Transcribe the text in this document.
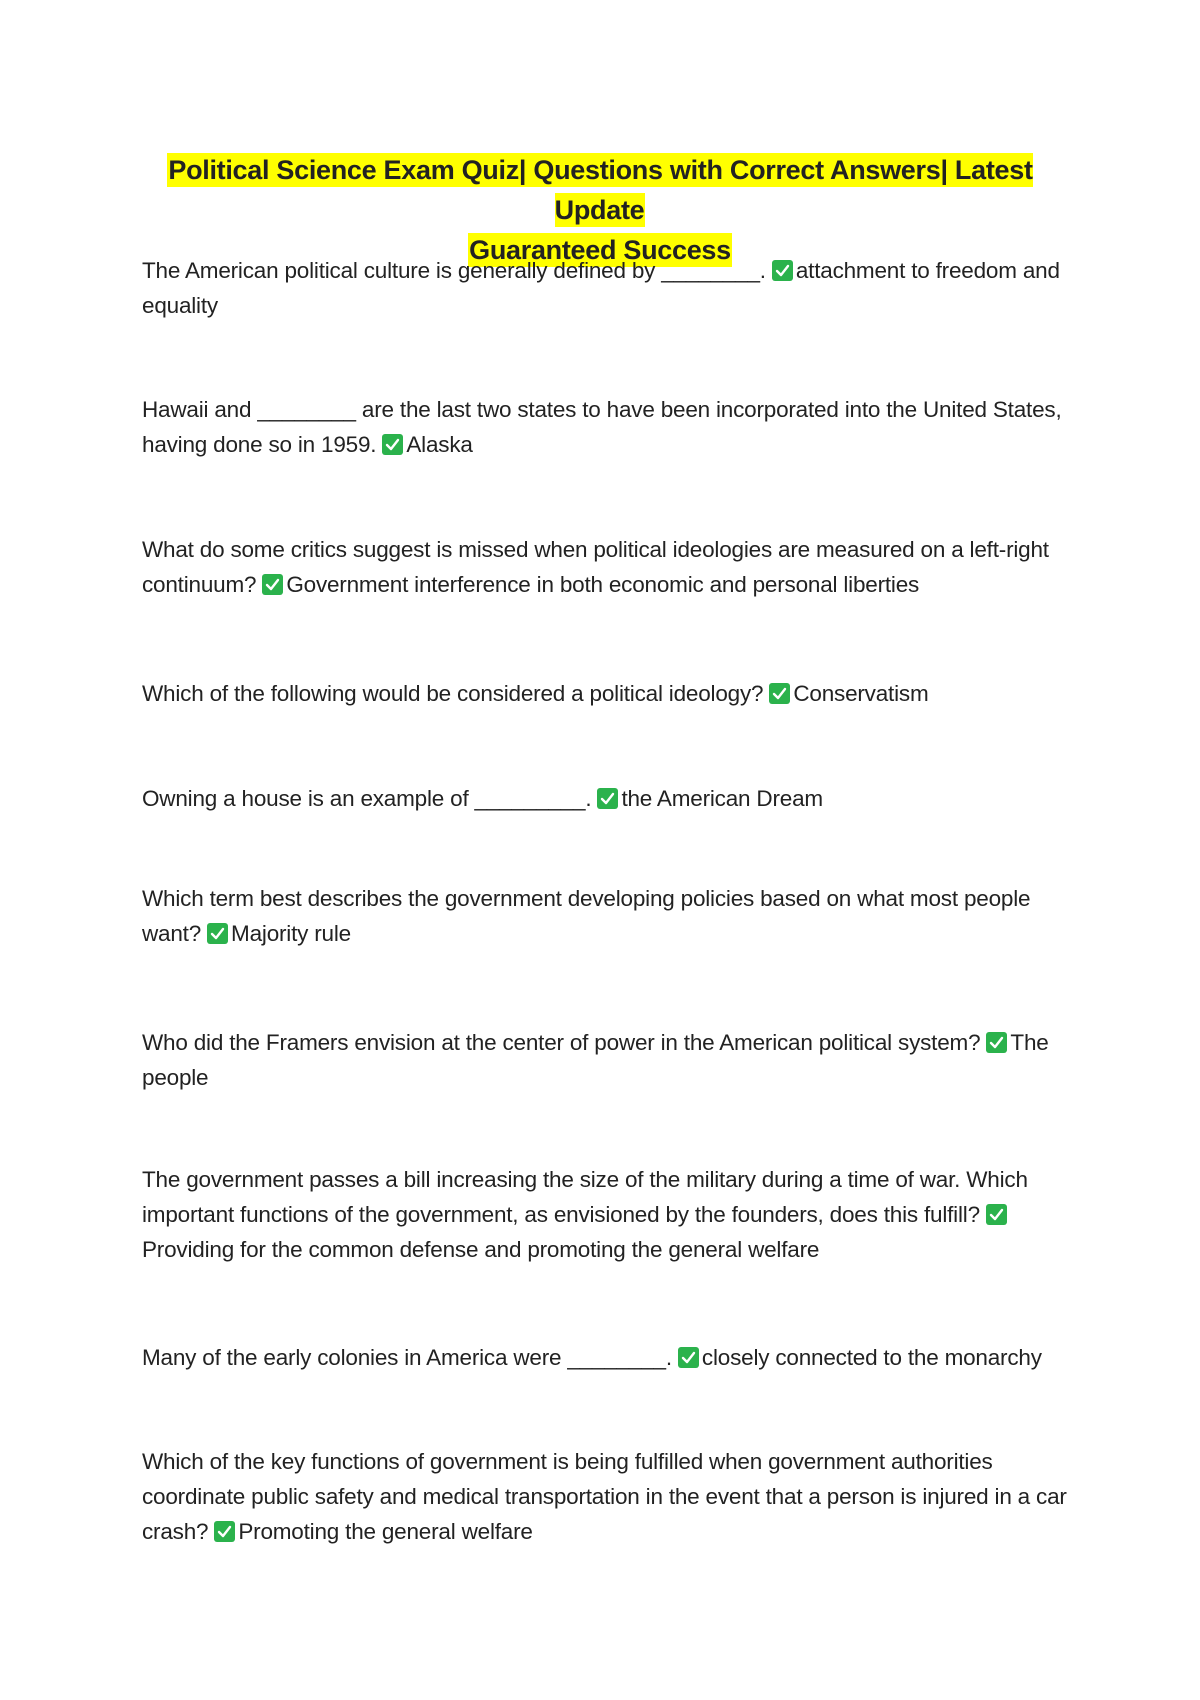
Political Science Exam Quiz| Questions with Correct Answers| Latest Update
Guaranteed Success
The American political culture is generally defined by ________. attachment to freedom and equality
Hawaii and ________ are the last two states to have been incorporated into the United States, having done so in 1959. Alaska
What do some critics suggest is missed when political ideologies are measured on a left-right continuum? Government interference in both economic and personal liberties
Which of the following would be considered a political ideology? Conservatism
Owning a house is an example of _________. the American Dream
Which term best describes the government developing policies based on what most people want? Majority rule
Who did the Framers envision at the center of power in the American political system? The people
The government passes a bill increasing the size of the military during a time of war. Which important functions of the government, as envisioned by the founders, does this fulfill?
Providing for the common defense and promoting the general welfare
Many of the early colonies in America were ________. closely connected to the monarchy
Which of the key functions of government is being fulfilled when government authorities coordinate public safety and medical transportation in the event that a person is injured in a car crash? Promoting the general welfare
